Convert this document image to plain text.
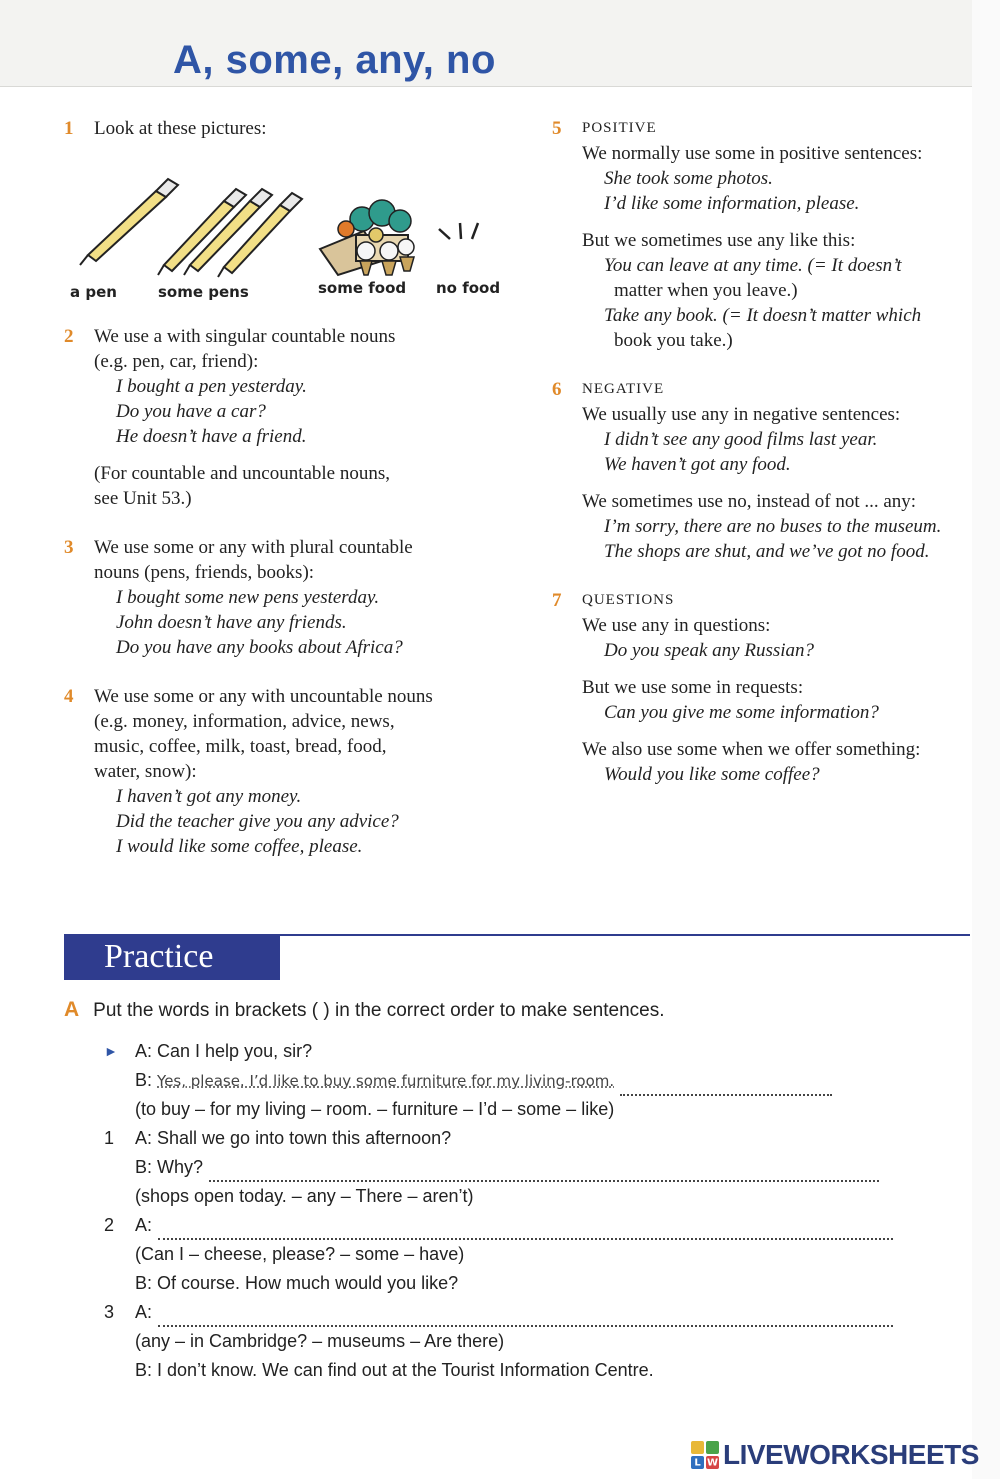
A, some, any, no
1 Look at these pictures:
a pen	some pens	some food no food
2 We use a with singular countable nouns
(e.g. pen, car, friend):
I bought a pen yesterday.
Do you have a car?
He doesn’t have a friend.
(For countable and uncountable nouns,
see Unit 53.)
3 We use some or any with plural countable
nouns (pens, friends, books):
I bought some new pens yesterday.
John doesn’t have any friends.
Do you have any books about Africa?
4 We use some or any with uncountable nouns
(e.g. money, information, advice, news,
music, coffee, milk, toast, bread, food,
water, snow):
I haven’t got any money.
Did the teacher give you any advice?
I would like some coffee, please.
5 POSITIVE
We normally use some in positive sentences:
She took some photos.
I’d like some information, please.
But we sometimes use any like this:
You can leave at any time. (= It doesn’t
matter when you leave.)
Take any book. (= It doesn’t matter which
book you take.)
6 NEGATIVE
We usually use any in negative sentences:
I didn’t see any good films last year.
We haven’t got any food.
We sometimes use no, instead of not ... any:
I’m sorry, there are no buses to the museum.
The shops are shut, and we’ve got no food.
7 QUESTIONS
We use any in questions:
Do you speak any Russian?
But we use some in requests:
Can you give me some information?
We also use some when we offer something:
Would you like some coffee?
Practice
A Put the words in brackets ( ) in the correct order to make sentences.
► A: Can I help you, sir?
B: Yes, please. I’d like to buy some furniture for my living-room.
(to buy – for my living – room. – furniture – I’d – some – like)
1	A: Shall we go into town this afternoon?
B: Why?
(shops open today. – any – There – aren’t)
2	A:
(Can I – cheese, please? – some – have)
B: Of course. How much would you like?
3	A:
(any – in Cambridge? – museums – Are there)
B: I don’t know. We can find out at the Tourist Information Centre.
L W LIVEWORKSHEETS
